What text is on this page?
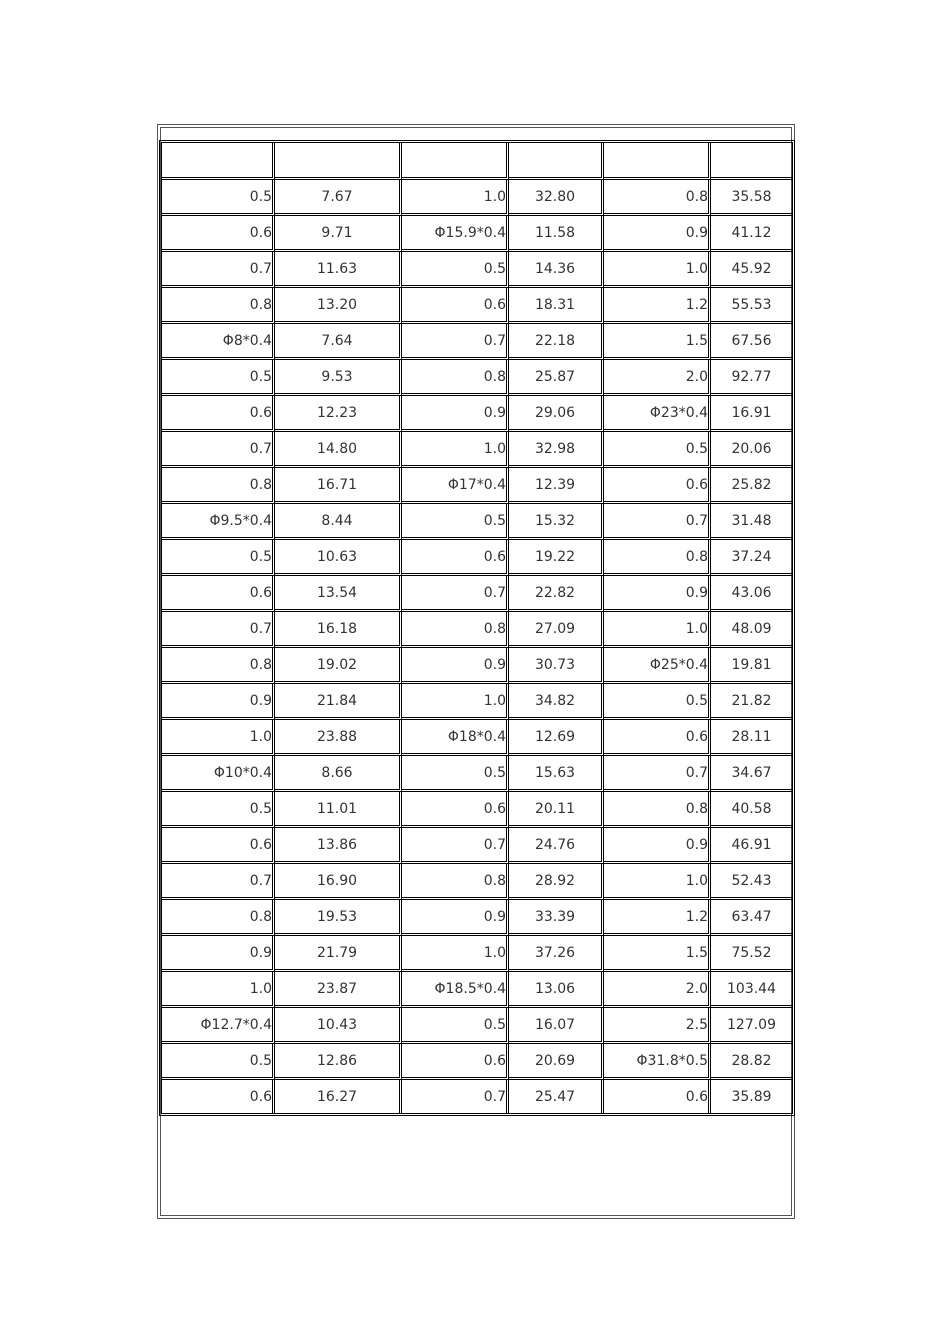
0.5	7.67	1.0	32.80	0.8	35.58
0.6	9.71	Φ15.9*0.4	11.58	0.9	41.12
0.7	11.63	0.5	14.36	1.0	45.92
0.8	13.20	0.6	18.31	1.2	55.53
Φ8*0.4	7.64	0.7	22.18	1.5	67.56
0.5	9.53	0.8	25.87	2.0	92.77
0.6	12.23	0.9	29.06	Φ23*0.4	16.91
0.7	14.80	1.0	32.98	0.5	20.06
0.8	16.71	Φ17*0.4	12.39	0.6	25.82
Φ9.5*0.4	8.44	0.5	15.32	0.7	31.48
0.5	10.63	0.6	19.22	0.8	37.24
0.6	13.54	0.7	22.82	0.9	43.06
0.7	16.18	0.8	27.09	1.0	48.09
0.8	19.02	0.9	30.73	Φ25*0.4	19.81
0.9	21.84	1.0	34.82	0.5	21.82
1.0	23.88	Φ18*0.4	12.69	0.6	28.11
Φ10*0.4	8.66	0.5	15.63	0.7	34.67
0.5	11.01	0.6	20.11	0.8	40.58
0.6	13.86	0.7	24.76	0.9	46.91
0.7	16.90	0.8	28.92	1.0	52.43
0.8	19.53	0.9	33.39	1.2	63.47
0.9	21.79	1.0	37.26	1.5	75.52
1.0	23.87	Φ18.5*0.4	13.06	2.0	103.44
Φ12.7*0.4	10.43	0.5	16.07	2.5	127.09
0.5	12.86	0.6	20.69	Φ31.8*0.5	28.82
0.6	16.27	0.7	25.47	0.6	35.89
